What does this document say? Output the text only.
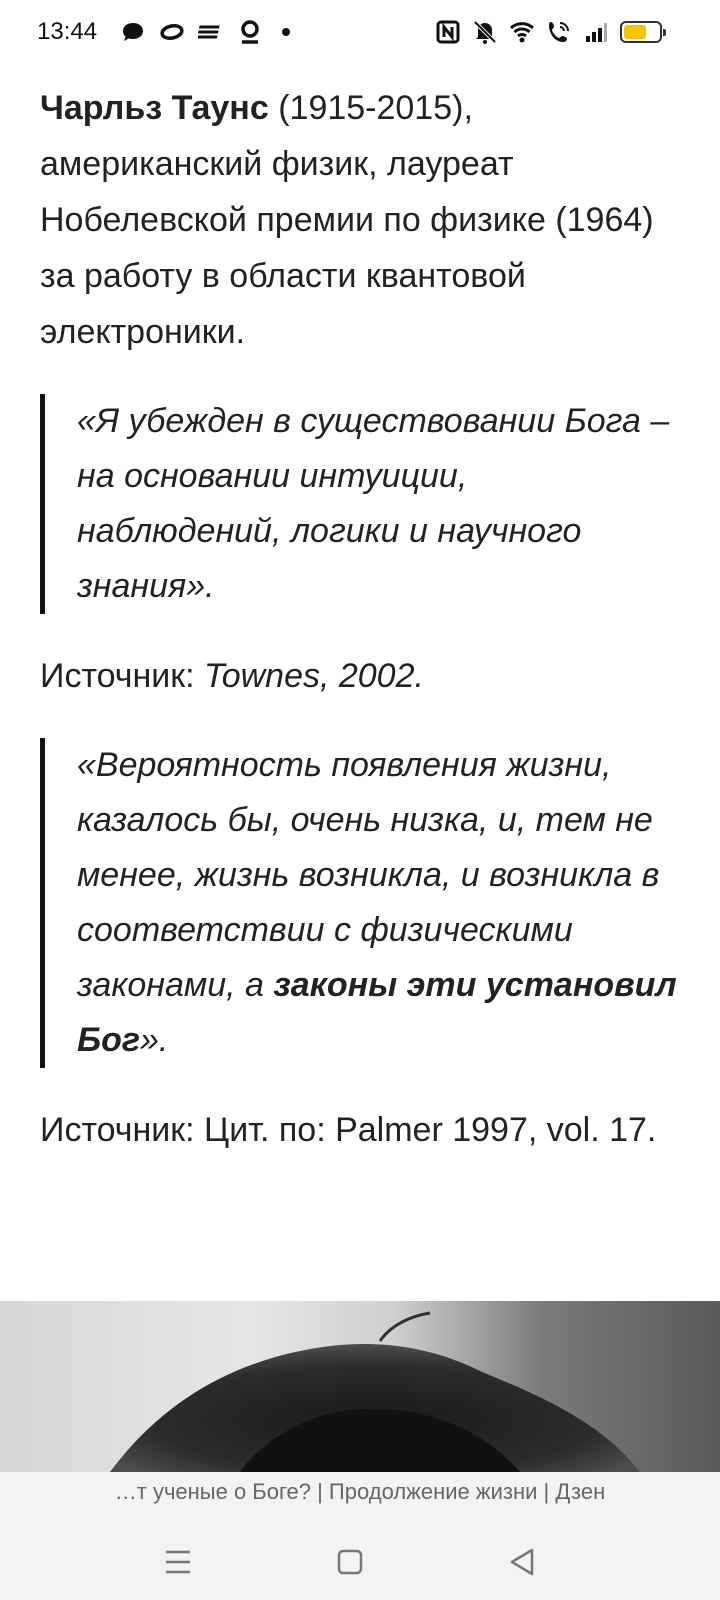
13:44

Чарльз Таунс (1915-2015), американский физик, лауреат Нобелевской премии по физике (1964) за работу в области квантовой электроники.

«Я убежден в существовании Бога – на основании интуиции, наблюдений, логики и научного знания».

Источник: Townes, 2002.

«Вероятность появления жизни, казалось бы, очень низка, и, тем не менее, жизнь возникла, и возникла в соответствии с физическими законами, а законы эти установил Бог».

Источник: Цит. по: Palmer 1997, vol. 17.

…т ученые о Боге? | Продолжение жизни | Дзен
